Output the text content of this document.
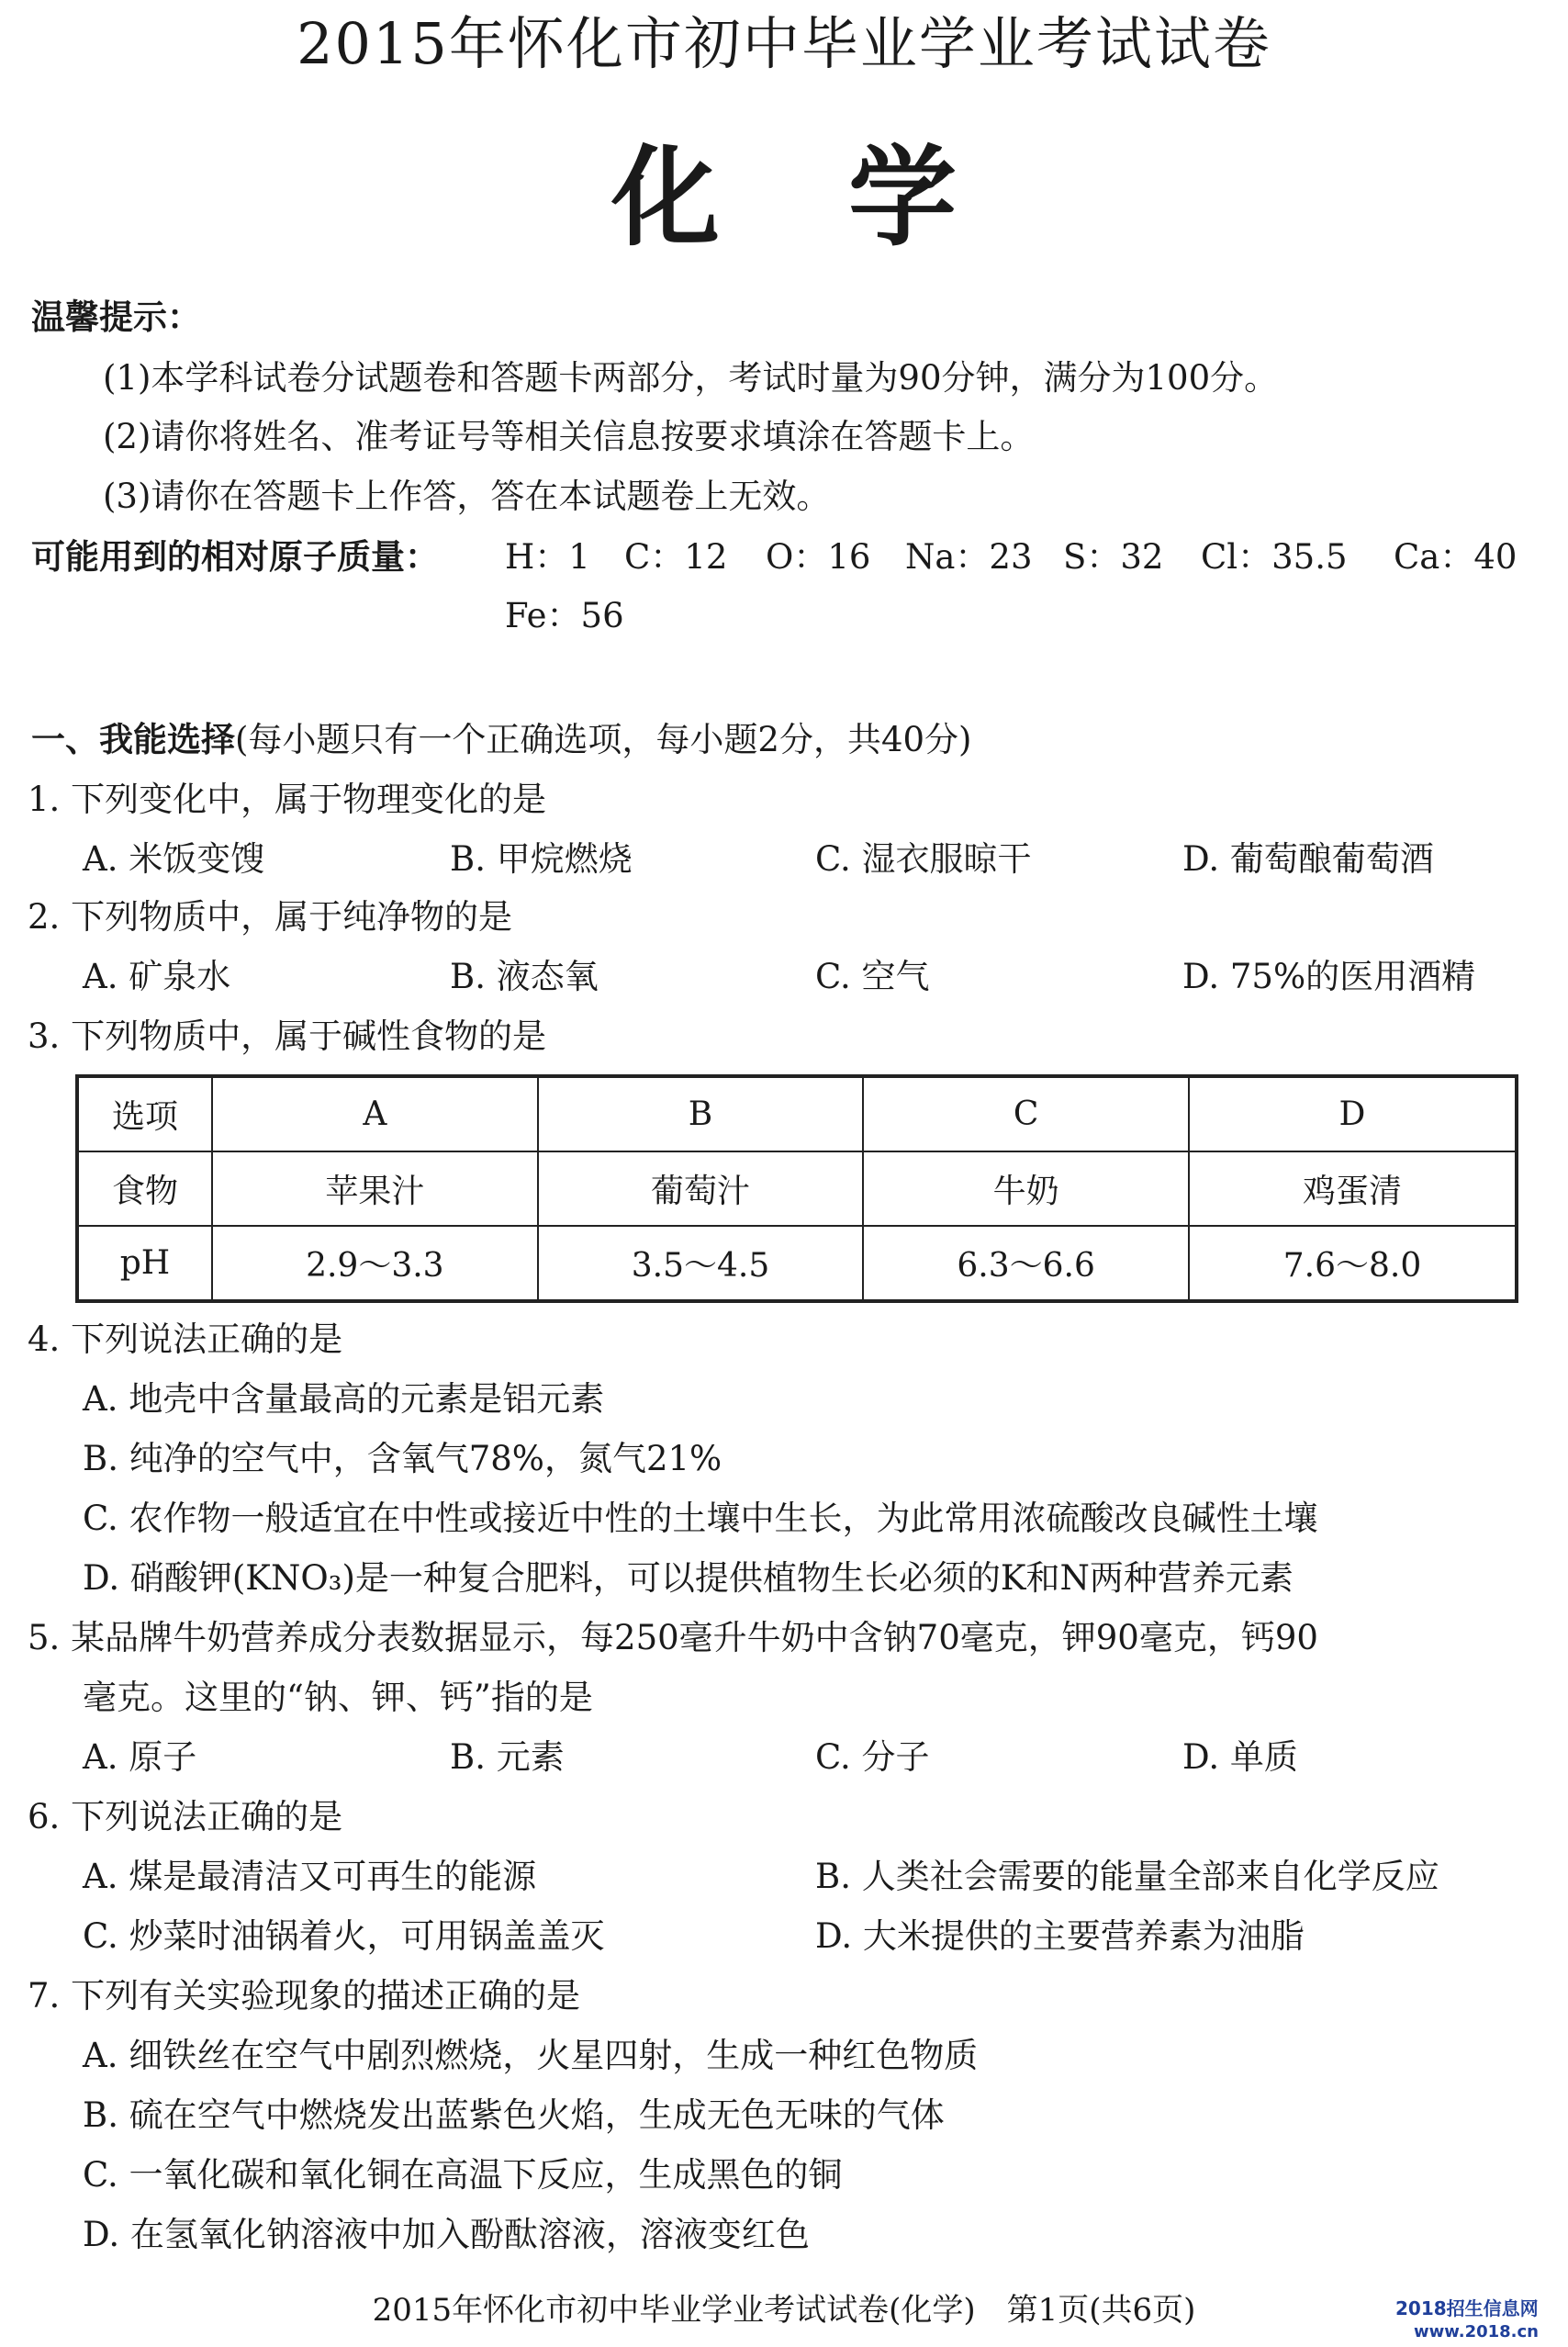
2015年怀化市初中毕业学业考试试卷
化 学
温馨提示：
(1)本学科试卷分试题卷和答题卡两部分，考试时量为90分钟，满分为100分。
(2)请你将姓名、准考证号等相关信息按要求填涂在答题卡上。
(3)请你在答题卡上作答，答在本试题卷上无效。
可能用到的相对原子质量： H：1 C：12 O：16 Na：23 S：32 Cl：35.5 Ca：40
Fe：56
一、我能选择(每小题只有一个正确选项，每小题2分，共40分)
1. 下列变化中，属于物理变化的是
A. 米饭变馊	B. 甲烷燃烧	C. 湿衣服晾干	D. 葡萄酿葡萄酒
2. 下列物质中，属于纯净物的是
A. 矿泉水	B. 液态氧	C. 空气	D. 75%的医用酒精
3. 下列物质中，属于碱性食物的是
选项	A	B	C	D
食物	苹果汁	葡萄汁	牛奶	鸡蛋清
pH	2.9～3.3	3.5～4.5	6.3～6.6	7.6～8.0
4. 下列说法正确的是
A. 地壳中含量最高的元素是铝元素
B. 纯净的空气中，含氧气78%，氮气21%
C. 农作物一般适宜在中性或接近中性的土壤中生长，为此常用浓硫酸改良碱性土壤
D. 硝酸钾(KNO₃)是一种复合肥料，可以提供植物生长必须的K和N两种营养元素
5. 某品牌牛奶营养成分表数据显示，每250毫升牛奶中含钠70毫克，钾90毫克，钙90
毫克。这里的“钠、钾、钙”指的是
A. 原子	B. 元素	C. 分子	D. 单质
6. 下列说法正确的是
A. 煤是最清洁又可再生的能源	B. 人类社会需要的能量全部来自化学反应
C. 炒菜时油锅着火，可用锅盖盖灭	D. 大米提供的主要营养素为油脂
7. 下列有关实验现象的描述正确的是
A. 细铁丝在空气中剧烈燃烧，火星四射，生成一种红色物质
B. 硫在空气中燃烧发出蓝紫色火焰，生成无色无味的气体
C. 一氧化碳和氧化铜在高温下反应，生成黑色的铜
D. 在氢氧化钠溶液中加入酚酞溶液，溶液变红色
2015年怀化市初中毕业学业考试试卷(化学)　第1页(共6页)	2018招生信息网
www.2018.cn
